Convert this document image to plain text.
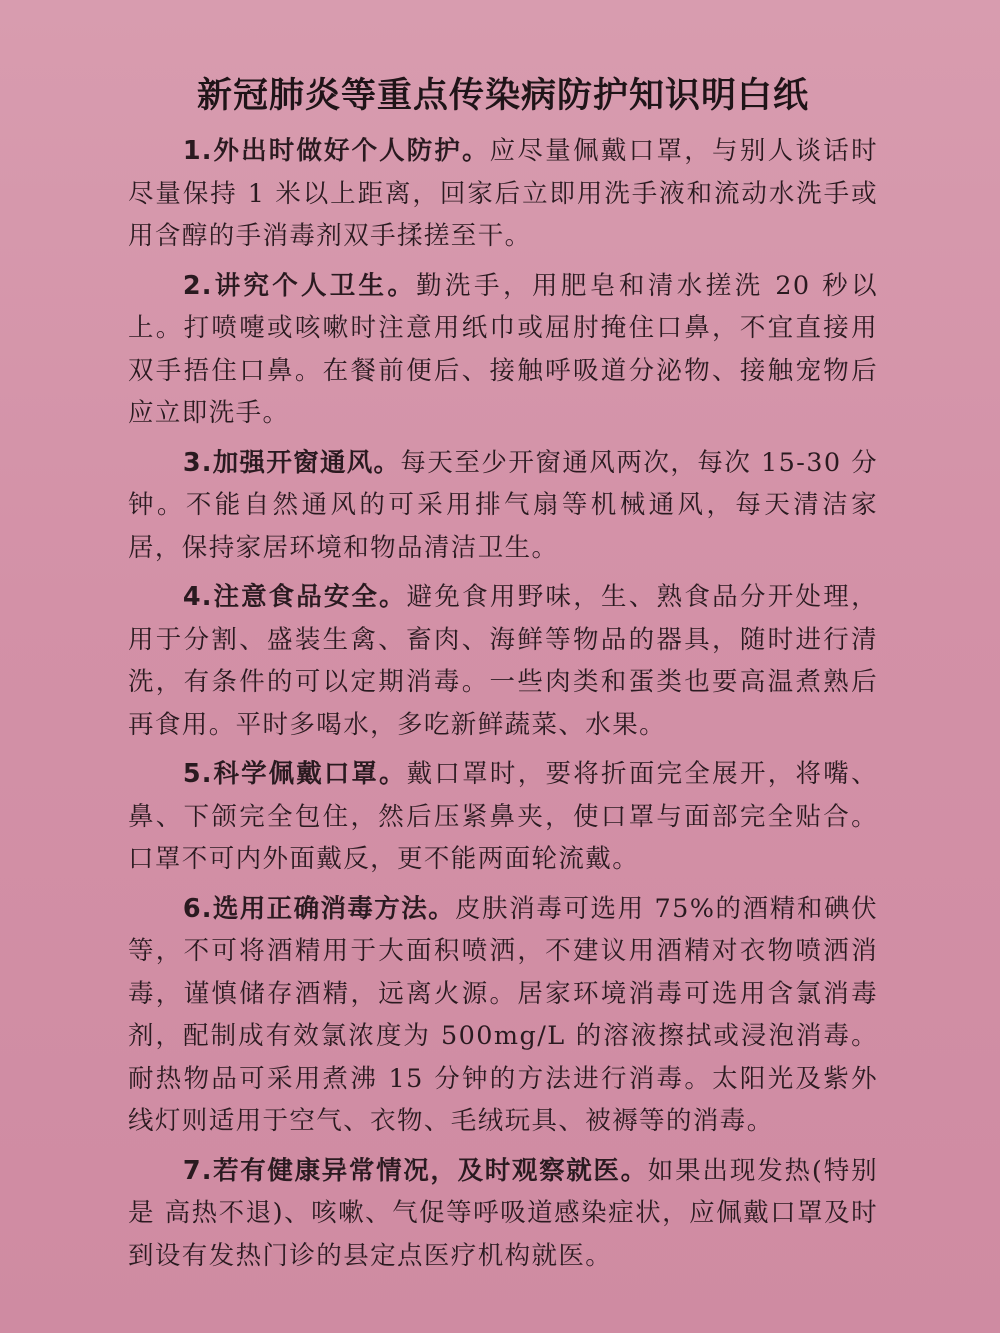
新冠肺炎等重点传染病防护知识明白纸

1.外出时做好个人防护。应尽量佩戴口罩，与别人谈话时尽量保持 1 米以上距离，回家后立即用洗手液和流动水洗手或用含醇的手消毒剂双手揉搓至干。

2.讲究个人卫生。勤洗手，用肥皂和清水搓洗 20 秒以上。打喷嚏或咳嗽时注意用纸巾或屈肘掩住口鼻，不宜直接用双手捂住口鼻。在餐前便后、接触呼吸道分泌物、接触宠物后应立即洗手。

3.加强开窗通风。每天至少开窗通风两次，每次 15-30 分钟。不能自然通风的可采用排气扇等机械通风，每天清洁家居，保持家居环境和物品清洁卫生。

4.注意食品安全。避免食用野味，生、熟食品分开处理，用于分割、盛装生禽、畜肉、海鲜等物品的器具，随时进行清洗，有条件的可以定期消毒。一些肉类和蛋类也要高温煮熟后再食用。平时多喝水，多吃新鲜蔬菜、水果。

5.科学佩戴口罩。戴口罩时，要将折面完全展开，将嘴、鼻、下颌完全包住，然后压紧鼻夹，使口罩与面部完全贴合。口罩不可内外面戴反，更不能两面轮流戴。

6.选用正确消毒方法。皮肤消毒可选用 75%的酒精和碘伏等，不可将酒精用于大面积喷洒，不建议用酒精对衣物喷洒消毒，谨慎储存酒精，远离火源。居家环境消毒可选用含氯消毒剂，配制成有效氯浓度为 500mg/L 的溶液擦拭或浸泡消毒。耐热物品可采用煮沸 15 分钟的方法进行消毒。太阳光及紫外线灯则适用于空气、衣物、毛绒玩具、被褥等的消毒。

7.若有健康异常情况，及时观察就医。如果出现发热(特别是 高热不退)、咳嗽、气促等呼吸道感染症状，应佩戴口罩及时到设有发热门诊的县定点医疗机构就医。
